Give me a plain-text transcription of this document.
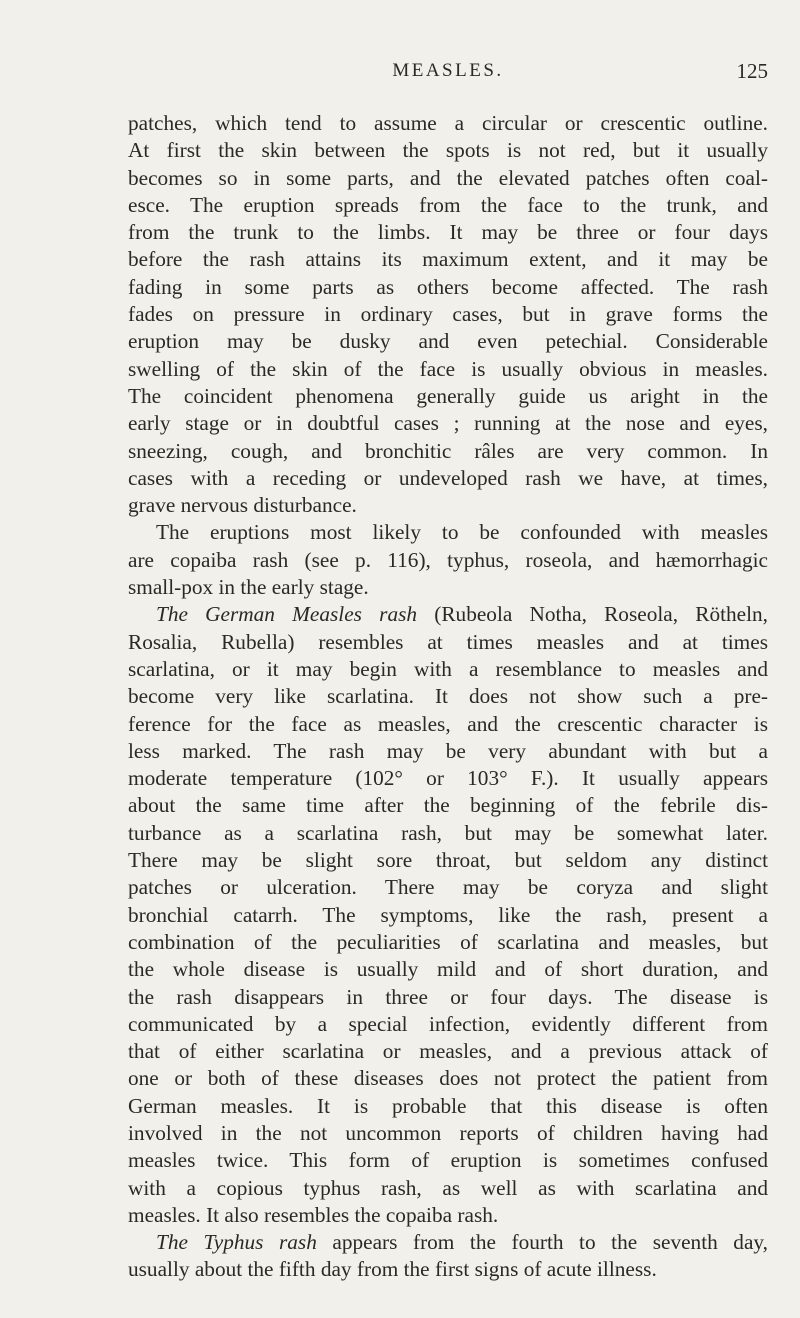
MEASLES.	125
patches, which tend to assume a circular or crescentic outline.
At first the skin between the spots is not red, but it usually
becomes so in some parts, and the elevated patches often coal-
esce. The eruption spreads from the face to the trunk, and
from the trunk to the limbs. It may be three or four days
before the rash attains its maximum extent, and it may be
fading in some parts as others become affected. The rash
fades on pressure in ordinary cases, but in grave forms the
eruption may be dusky and even petechial. Considerable
swelling of the skin of the face is usually obvious in measles.
The coincident phenomena generally guide us aright in the
early stage or in doubtful cases ; running at the nose and eyes,
sneezing, cough, and bronchitic râles are very common. In
cases with a receding or undeveloped rash we have, at times,
grave nervous disturbance.
The eruptions most likely to be confounded with measles
are copaiba rash (see p. 116), typhus, roseola, and hæmorrhagic
small-pox in the early stage.
The German Measles rash (Rubeola Notha, Roseola, Rötheln,
Rosalia, Rubella) resembles at times measles and at times
scarlatina, or it may begin with a resemblance to measles and
become very like scarlatina. It does not show such a pre-
ference for the face as measles, and the crescentic character is
less marked. The rash may be very abundant with but a
moderate temperature (102° or 103° F.). It usually appears
about the same time after the beginning of the febrile dis-
turbance as a scarlatina rash, but may be somewhat later.
There may be slight sore throat, but seldom any distinct
patches or ulceration. There may be coryza and slight
bronchial catarrh. The symptoms, like the rash, present a
combination of the peculiarities of scarlatina and measles, but
the whole disease is usually mild and of short duration, and
the rash disappears in three or four days. The disease is
communicated by a special infection, evidently different from
that of either scarlatina or measles, and a previous attack of
one or both of these diseases does not protect the patient from
German measles. It is probable that this disease is often
involved in the not uncommon reports of children having had
measles twice. This form of eruption is sometimes confused
with a copious typhus rash, as well as with scarlatina and
measles. It also resembles the copaiba rash.
The Typhus rash appears from the fourth to the seventh day,
usually about the fifth day from the first signs of acute illness.
